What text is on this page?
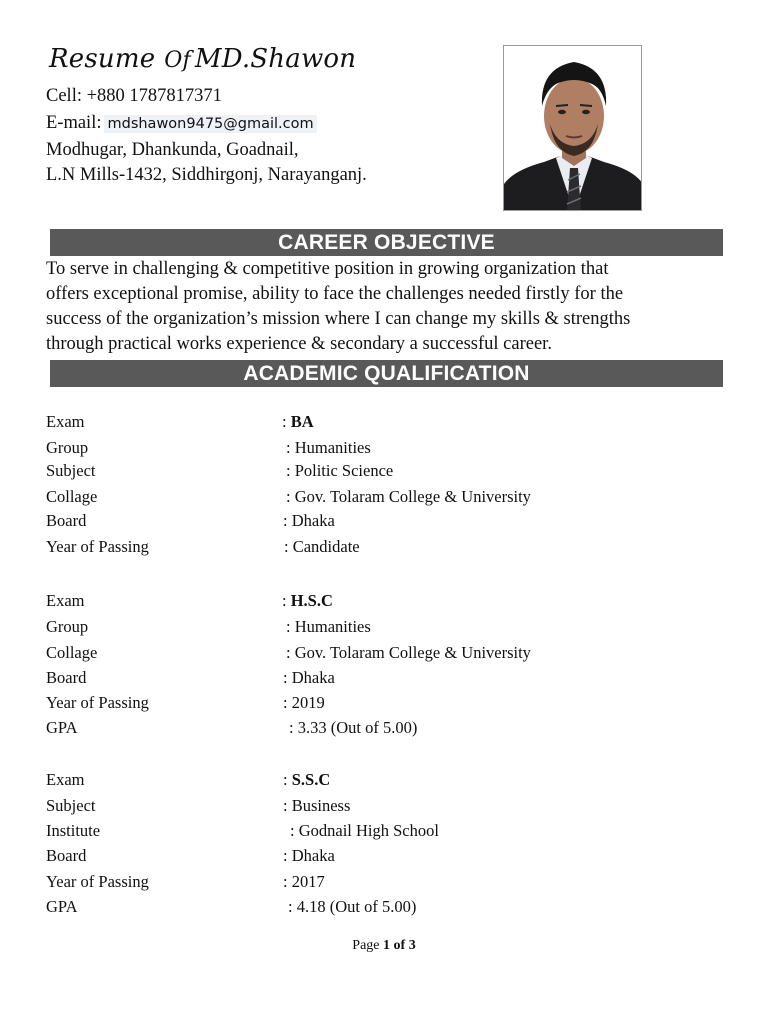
Resume Of MD.Shawon
Cell: +880 1787817371
E-mail: mdshawon9475@gmail.com
Modhugar, Dhankunda, Goadnail,
L.N Mills-1432, Siddhirgonj, Narayanganj.
CAREER OBJECTIVE
To serve in challenging & competitive position in growing organization that
offers exceptional promise, ability to face the challenges needed firstly for the
success of the organization’s mission where I can change my skills & strengths
through practical works experience & secondary a successful career.
ACADEMIC QUALIFICATION
Exam	: BA
Group	: Humanities
Subject	: Politic Science
Collage	: Gov. Tolaram College & University
Board	: Dhaka
Year of Passing	: Candidate
Exam	: H.S.C
Group	: Humanities
Collage	: Gov. Tolaram College & University
Board	: Dhaka
Year of Passing	: 2019
GPA	: 3.33 (Out of 5.00)
Exam	: S.S.C
Subject	: Business
Institute	: Godnail High School
Board	: Dhaka
Year of Passing	: 2017
GPA	: 4.18 (Out of 5.00)
Page 1 of 3
